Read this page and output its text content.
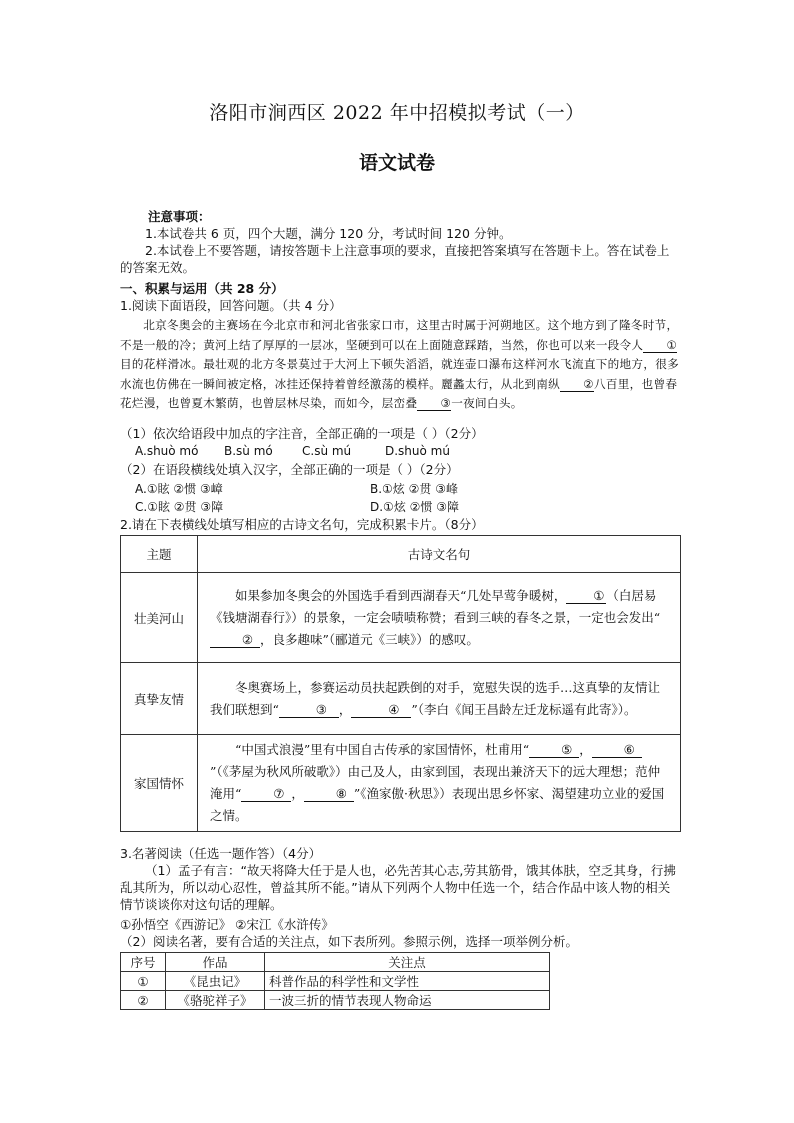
洛阳市涧西区 2022 年中招模拟考试（一）
语文试卷
注意事项：
1.本试卷共 6 页，四个大题，满分 120 分，考试时间 120 分钟。
2.本试卷上不要答题，请按答题卡上注意事项的要求，直接把答案填写在答题卡上。答在试卷上的答案无效。
一、积累与运用（共 28 分）
1.阅读下面语段，回答问题。（共 4 分）
北京冬奥会的主赛场在今北京市和河北省张家口市，这里古时属于河朔地区。这个地方到了隆冬时节，不是一般的冷；黄河上结了厚厚的一层冰，坚硬到可以在上面随意踩踏，当然，你也可以来一段令人 ①目的花样滑冰。最壮观的北方冬景莫过于大河上下顿失滔滔，就连壶口瀑布这样河水飞流直下的地方，很多水流也仿佛在一瞬间被定格，冰挂还保持着曾经激荡的模样。麗蠡太行，从北到南纵 ②八百里，也曾春花烂漫，也曾夏木繁荫，也曾层林尽染，而如今，层峦叠 ③一夜间白头。
（1）依次给语段中加点的字注音，全部正确的一项是（ ）（2分）
A.shuò mó B.sù mó C.sù mú	D.shuò mú
（2）在语段横线处填入汉字，全部正确的一项是（ ）（2分）
A.①眩 ②惯 ③嶂	B.①炫 ②贯 ③峰
C.①眩 ②贯 ③障	D.①炫 ②惯 ③障
2.请在下表横线处填写相应的古诗文名句，完成积累卡片。（8分）
主题	古诗文名句
壮美河山	如果参加冬奥会的外国选手看到西湖春天“几处早莺争暖树， ① （白居易《钱塘湖春行》）的景象，一定会啧啧称赞；看到三峡的春冬之景，一定也会发出“② ，良多趣味”（郦道元《三峡》）的感叹。
真挚友情	冬奥赛场上，参赛运动员扶起跌倒的对手，宽慰失误的选手…这真挚的友情让我们联想到“ ③ ， ④ ”（李白《闻王昌龄左迁龙标遥有此寄》）。
家国情怀	“中国式浪漫”里有中国自古传承的家国情怀，杜甫用“ ⑤ ， ⑥”（《茅屋为秋风所破歌》）由己及人，由家到国，表现出兼济天下的远大理想；范仲淹用“ ⑦ ， ⑧ ”《渔家傲·秋思》）表现出思乡怀家、渴望建功立业的爱国之情。
3.名著阅读（任选一题作答）（4分）
（1）孟子有言：“故天将降大任于是人也，必先苦其心志,劳其筋骨，饿其体肤，空乏其身，行拂乱其所为，所以动心忍性，曾益其所不能。”请从下列两个人物中任选一个，结合作品中该人物的相关情节谈谈你对这句话的理解。
①孙悟空《西游记》 ②宋江《水浒传》
（2）阅读名著，要有合适的关注点，如下表所列。参照示例，选择一项举例分析。
序号	作品	关注点
①	《昆虫记》	科普作品的科学性和文学性
②	《骆驼祥子》	一波三折的情节表现人物命运
